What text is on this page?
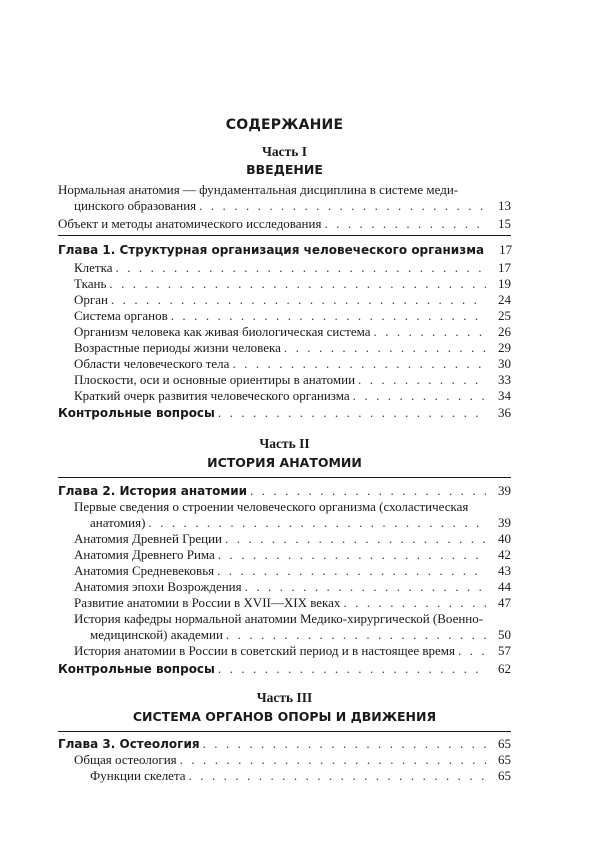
СОДЕРЖАНИЕ
Часть I
ВВЕДЕНИЕ
Нормальная анатомия — фундаментальная дисциплина в системе меди-
цинского образования . . .	13
Объект и методы анатомического исследования . . .	15
Глава 1. Структурная организация человеческого организма	17
Клетка . . .	17
Ткань . . .	19
Орган . . .	24
Система органов . . .	25
Организм человека как живая биологическая система . . .	26
Возрастные периоды жизни человека . . .	29
Области человеческого тела . . .	30
Плоскости, оси и основные ориентиры в анатомии . . .	33
Краткий очерк развития человеческого организма . . .	34
Контрольные вопросы . . .	36
Часть II
ИСТОРИЯ АНАТОМИИ
Глава 2. История анатомии . . .	39
Первые сведения о строении человеческого организма (схоластическая
анатомия) . . .	39
Анатомия Древней Греции . . .	40
Анатомия Древнего Рима . . .	42
Анатомия Средневековья . . .	43
Анатомия эпохи Возрождения . . .	44
Развитие анатомии в России в XVII—XIX веках . . .	47
История кафедры нормальной анатомии Медико-хирургической (Военно-
медицинской) академии . . .	50
История анатомии в России в советский период и в настоящее время . . .	57
Контрольные вопросы . . .	62
Часть III
СИСТЕМА ОРГАНОВ ОПОРЫ И ДВИЖЕНИЯ
Глава 3. Остеология . . .	65
Общая остеология . . .	65
Функции скелета . . .	65
